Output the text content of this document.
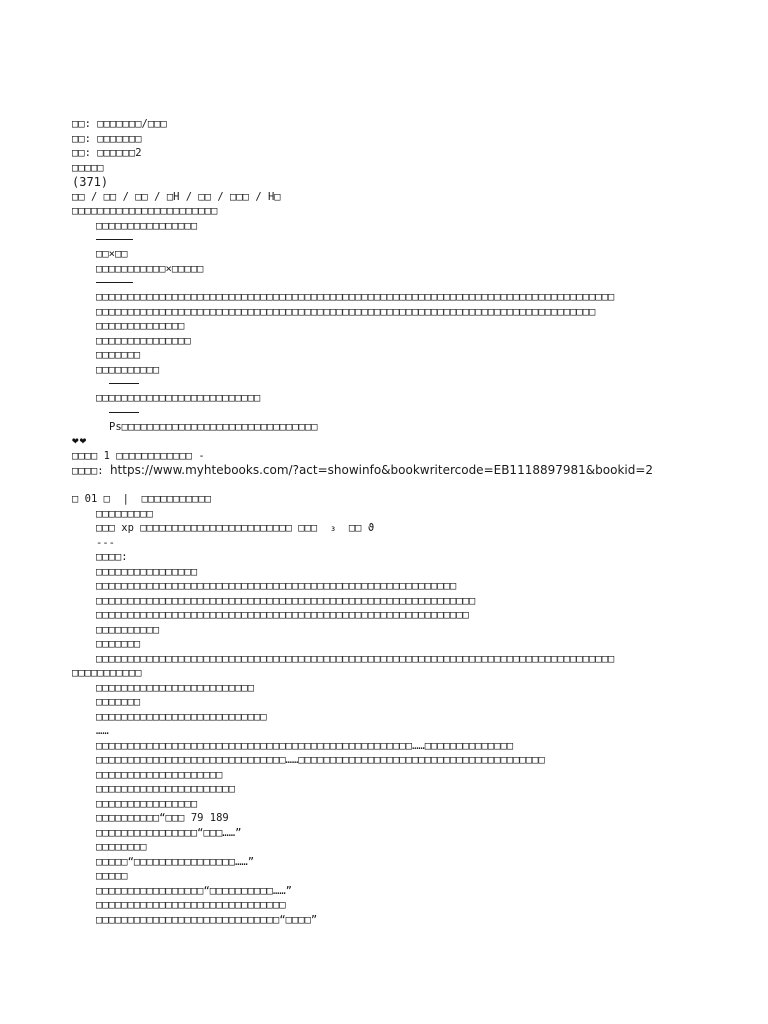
□□: □□□□□□□/□□□
□□: □□□□□□□
□□: □□□□□□2
□□□□□
(371)
□□ / □□ / □□ / □H / □□ / □□□ / H□
□□□□□□□□□□□□□□□□□□□□□□□
□□□□□□□□□□□□□□□□
□□×□□
□□□□□□□□□□□×□□□□□
□□□□□□□□□□□□□□□□□□□□□□□□□□□□□□□□□□□□□□□□□□□□□□□□□□□□□□□□□□□□□□□□□□□□□□□□□□□□□□□□□□
□□□□□□□□□□□□□□□□□□□□□□□□□□□□□□□□□□□□□□□□□□□□□□□□□□□□□□□□□□□□□□□□□□□□□□□□□□□□□□□
□□□□□□□□□□□□□□
□□□□□□□□□□□□□□□
□□□□□□□
□□□□□□□□□□
□□□□□□□□□□□□□□□□□□□□□□□□□□
Ps□□□□□□□□□□□□□□□□□□□□□□□□□□□□□□□
❤❤
□□□□ 1 □□□□□□□□□□□□ -
□□□□: https://www.myhtebooks.com/?act=showinfo&bookwritercode=EB1118897981&bookid=2
□ 01 □ | □□□□□□□□□□□
□□□□□□□□□
□□□ xp □□□□□□□□□□□□□□□□□□□□□□□□ □□□  ₃  □□ ϑ
---
□□□□:
□□□□□□□□□□□□□□□□
□□□□□□□□□□□□□□□□□□□□□□□□□□□□□□□□□□□□□□□□□□□□□□□□□□□□□□□□□
□□□□□□□□□□□□□□□□□□□□□□□□□□□□□□□□□□□□□□□□□□□□□□□□□□□□□□□□□□□□
□□□□□□□□□□□□□□□□□□□□□□□□□□□□□□□□□□□□□□□□□□□□□□□□□□□□□□□□□□□
□□□□□□□□□□
□□□□□□□
□□□□□□□□□□□□□□□□□□□□□□□□□□□□□□□□□□□□□□□□□□□□□□□□□□□□□□□□□□□□□□□□□□□□□□□□□□□□□□□□□□
□□□□□□□□□□□
□□□□□□□□□□□□□□□□□□□□□□□□□
□□□□□□□
□□□□□□□□□□□□□□□□□□□□□□□□□□□
……
□□□□□□□□□□□□□□□□□□□□□□□□□□□□□□□□□□□□□□□□□□□□□□□□□□……□□□□□□□□□□□□□□
□□□□□□□□□□□□□□□□□□□□□□□□□□□□□□……□□□□□□□□□□□□□□□□□□□□□□□□□□□□□□□□□□□□□□□
□□□□□□□□□□□□□□□□□□□□
□□□□□□□□□□□□□□□□□□□□□□
□□□□□□□□□□□□□□□□
□□□□□□□□□□“□□□ 79 189
□□□□□□□□□□□□□□□□“□□□……”
□□□□□□□□
□□□□□“□□□□□□□□□□□□□□□□……”
□□□□□
□□□□□□□□□□□□□□□□□“□□□□□□□□□□……”
□□□□□□□□□□□□□□□□□□□□□□□□□□□□□□
□□□□□□□□□□□□□□□□□□□□□□□□□□□□□“□□□□”
